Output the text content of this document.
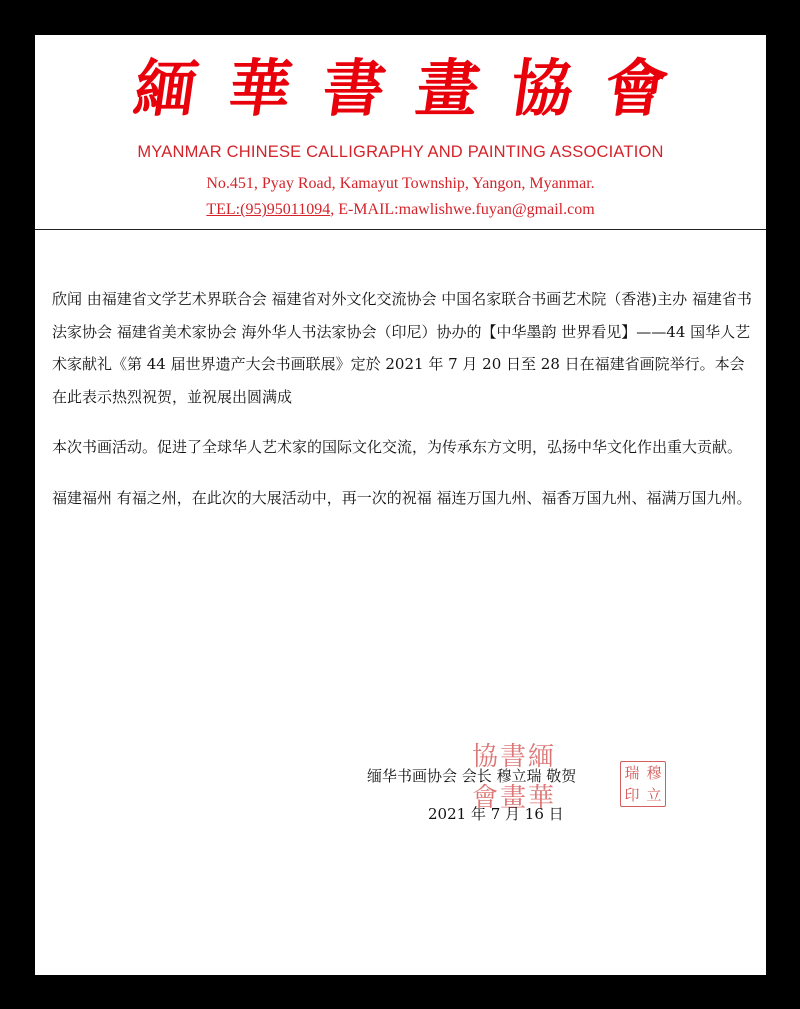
緬 華 書 畫 協 會
MYANMAR CHINESE CALLIGRAPHY AND PAINTING ASSOCIATION
No.451, Pyay Road, Kamayut Township, Yangon, Myanmar.
TEL:(95)95011094, E-MAIL:mawlishwe.fuyan@gmail.com

欣闻 由福建省文学艺术界联合会 福建省对外文化交流协会 中国名家联合书画艺术院（香港)主办 福建省书法家协会 福建省美术家协会 海外华人书法家协会（印尼）协办的【中华墨韵 世界看见】——44 国华人艺术家献礼《第 44 届世界遗产大会书画联展》定於 2021 年 7 月 20 日至 28 日在福建省画院举行。本会在此表示热烈祝贺，並祝展出圆满成

本次书画活动。促进了全球华人艺术家的国际文化交流，为传承东方文明，弘扬中华文化作出重大贡献。

福建福州 有福之州，在此次的大展活动中，再一次的祝福 福连万国九州、福香万国九州、福满万国九州。

協 書 緬
會 畫 華
缅华书画协会 会长 穆立瑞 敬贺
2021 年 7 月 16 日
瑞 穆
印 立
